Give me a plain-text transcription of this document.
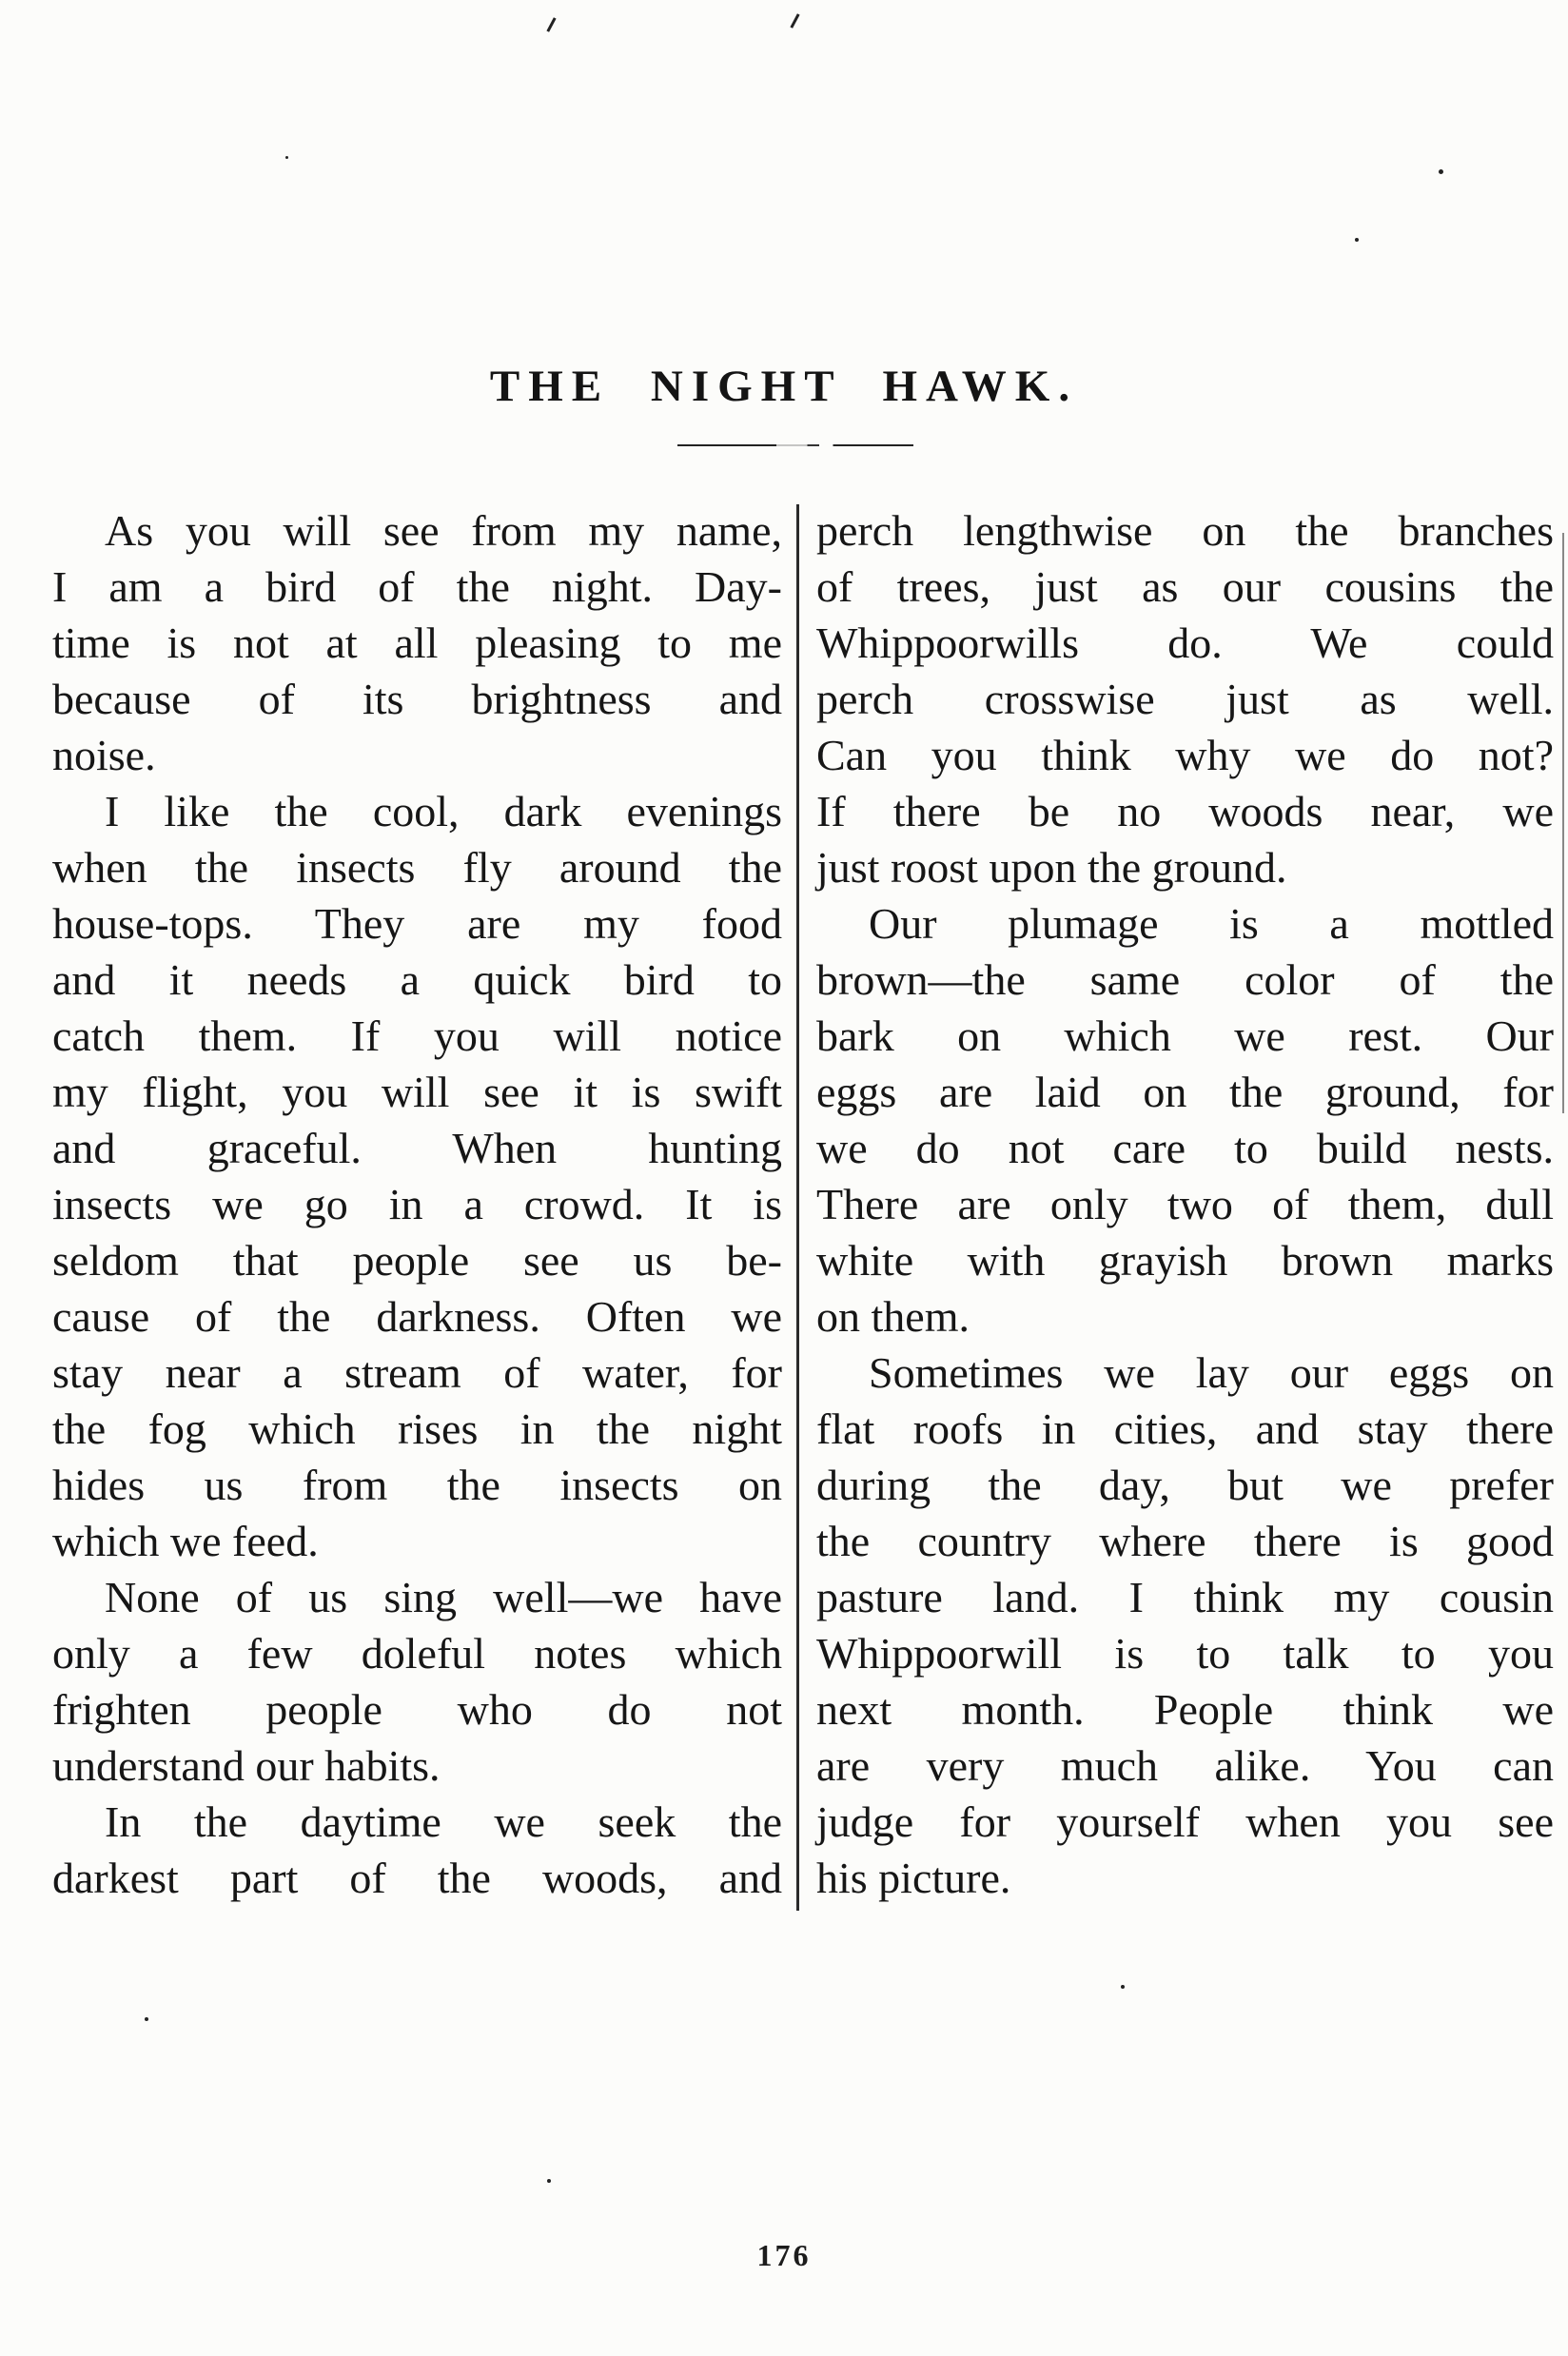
THE NIGHT HAWK.
As you will see from my name,
I am a bird of the night. Day-
time is not at all pleasing to me
because of its brightness and
noise.
I like the cool, dark evenings
when the insects fly around the
house-tops. They are my food
and it needs a quick bird to
catch them. If you will notice
my flight, you will see it is swift
and graceful. When hunting
insects we go in a crowd. It is
seldom that people see us be-
cause of the darkness. Often we
stay near a stream of water, for
the fog which rises in the night
hides us from the insects on
which we feed.
None of us sing well—we have
only a few doleful notes which
frighten people who do not
understand our habits.
In the daytime we seek the
darkest part of the woods, and
perch lengthwise on the branches
of trees, just as our cousins the
Whippoorwills do. We could
perch crosswise just as well.
Can you think why we do not?
If there be no woods near, we
just roost upon the ground.
Our plumage is a mottled
brown—the same color of the
bark on which we rest. Our
eggs are laid on the ground, for
we do not care to build nests.
There are only two of them, dull
white with grayish brown marks
on them.
Sometimes we lay our eggs on
flat roofs in cities, and stay there
during the day, but we prefer
the country where there is good
pasture land. I think my cousin
Whippoorwill is to talk to you
next month. People think we
are very much alike. You can
judge for yourself when you see
his picture.
176
